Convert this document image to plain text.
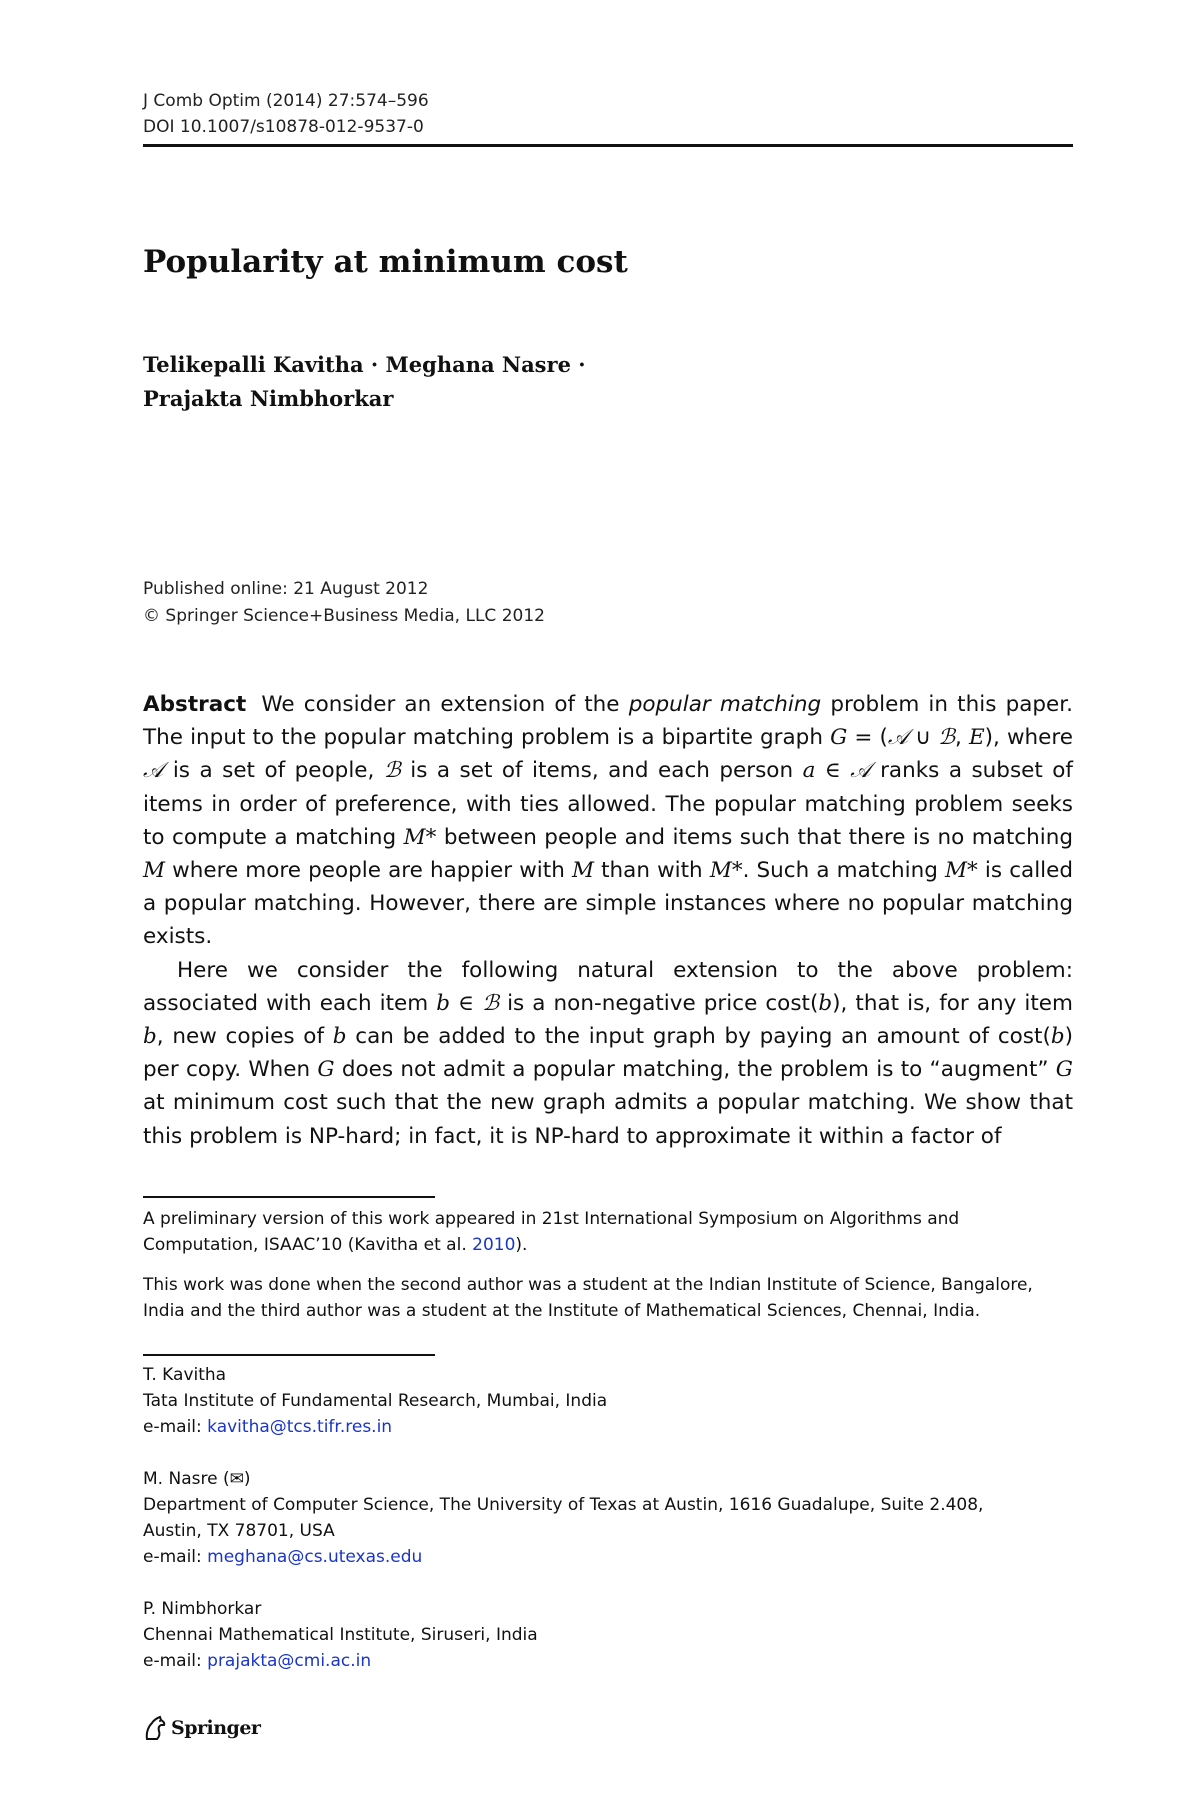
J Comb Optim (2014) 27:574–596
DOI 10.1007/s10878-012-9537-0
Popularity at minimum cost
Telikepalli Kavitha · Meghana Nasre ·
Prajakta Nimbhorkar
Published online: 21 August 2012
© Springer Science+Business Media, LLC 2012

Abstract We consider an extension of the popular matching problem in this paper. The input to the popular matching problem is a bipartite graph G = (𝒜 ∪ ℬ, E), where 𝒜 is a set of people, ℬ is a set of items, and each person a ∈ 𝒜 ranks a subset of items in order of preference, with ties allowed. The popular matching problem seeks to compute a matching M* between people and items such that there is no matching M where more people are happier with M than with M*. Such a matching M* is called a popular matching. However, there are simple instances where no popular matching exists.

Here we consider the following natural extension to the above problem: associated with each item b ∈ ℬ is a non-negative price cost(b), that is, for any item b, new copies of b can be added to the input graph by paying an amount of cost(b) per copy. When G does not admit a popular matching, the problem is to “augment” G at minimum cost such that the new graph admits a popular matching. We show that this problem is NP-hard; in fact, it is NP-hard to approximate it within a factor of

A preliminary version of this work appeared in 21st International Symposium on Algorithms and Computation, ISAAC’10 (Kavitha et al. 2010).
This work was done when the second author was a student at the Indian Institute of Science, Bangalore, India and the third author was a student at the Institute of Mathematical Sciences, Chennai, India.
T. Kavitha
Tata Institute of Fundamental Research, Mumbai, India
e-mail: kavitha@tcs.tifr.res.in
M. Nasre (✉)
Department of Computer Science, The University of Texas at Austin, 1616 Guadalupe, Suite 2.408, Austin, TX 78701, USA
e-mail: meghana@cs.utexas.edu
P. Nimbhorkar
Chennai Mathematical Institute, Siruseri, India
e-mail: prajakta@cmi.ac.in
Springer
